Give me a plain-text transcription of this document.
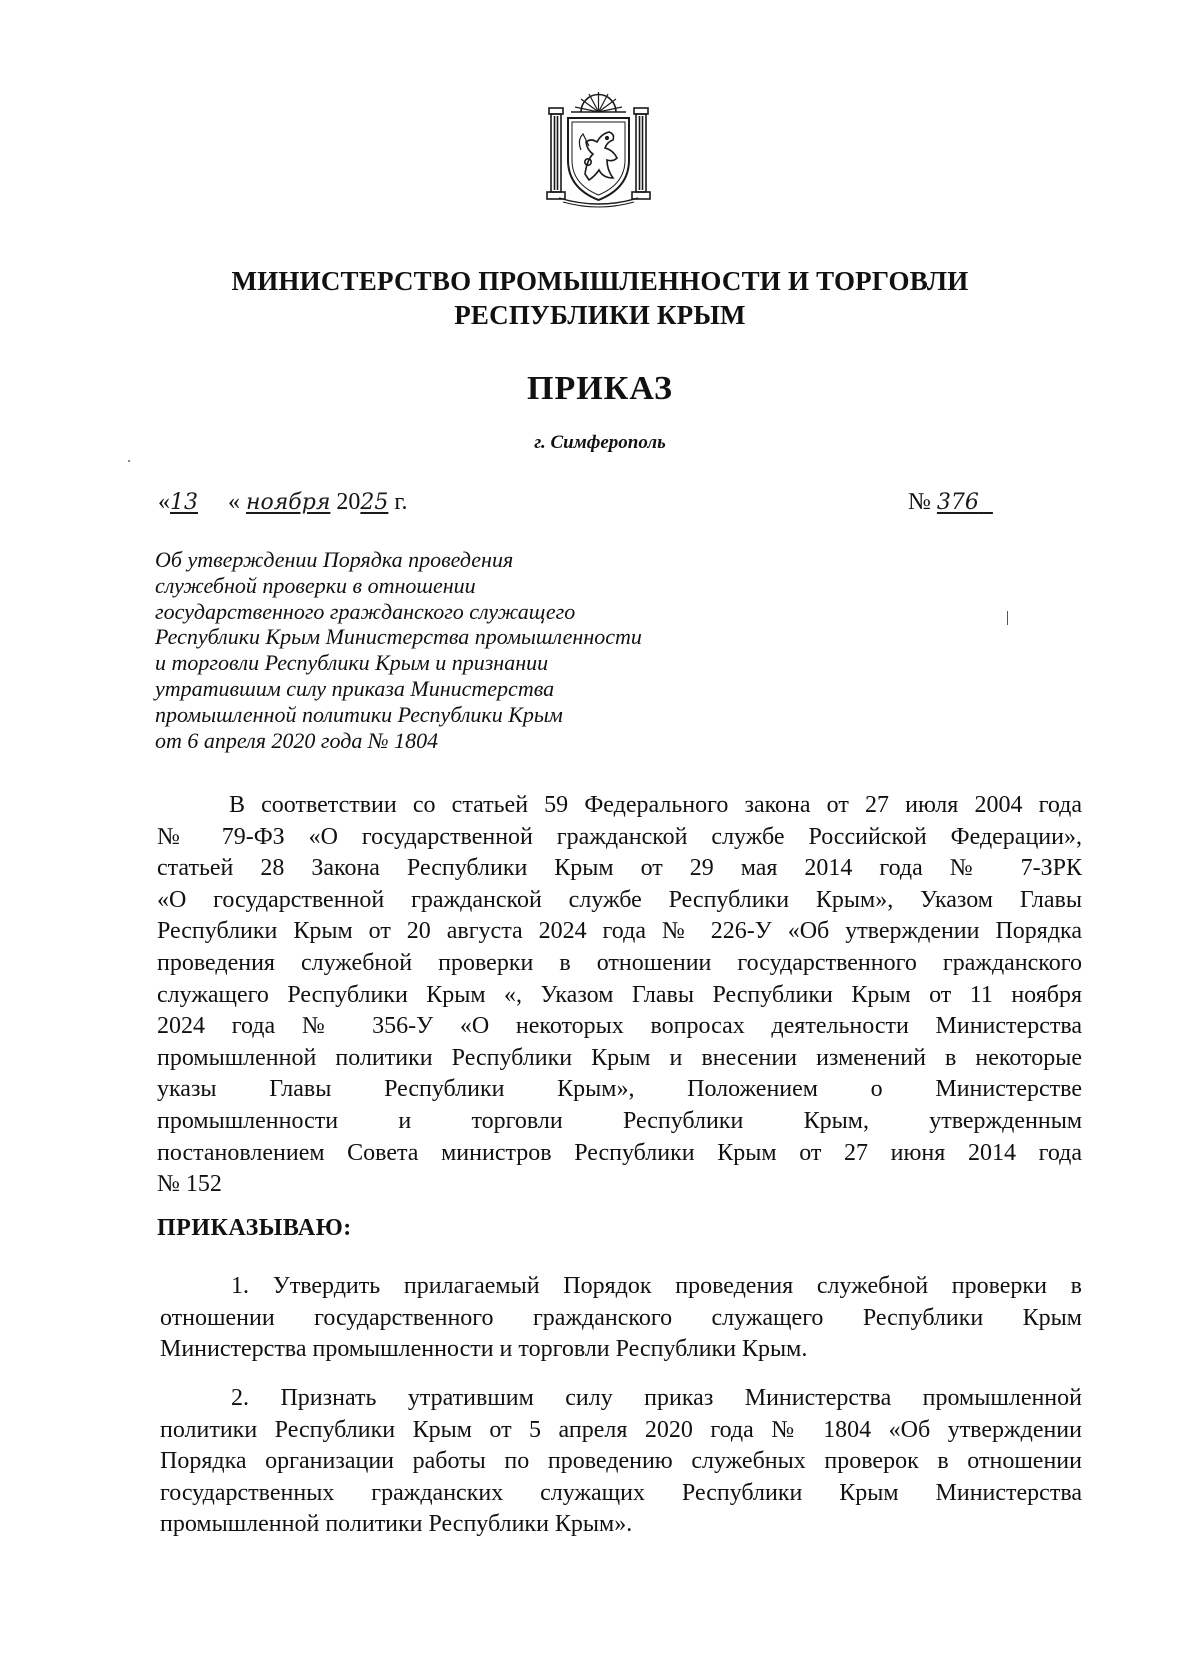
МИНИСТЕРСТВО ПРОМЫШЛЕННОСТИ И ТОРГОВЛИ
РЕСПУБЛИКИ КРЫМ
ПРИКАЗ
г. Симферополь
«13 « ноября 2025 г.	№ 376
Об утверждении Порядка проведения
служебной проверки в отношении
государственного гражданского служащего
Республики Крым Министерства промышленности
и торговли Республики Крым и признании
утратившим силу приказа Министерства
промышленной политики Республики Крым
от 6 апреля 2020 года № 1804
В соответствии со статьей 59 Федерального закона от 27 июля 2004 года
№ 79-ФЗ «О государственной гражданской службе Российской Федерации»,
статьей 28 Закона Республики Крым от 29 мая 2014 года № 7-ЗРК
«О государственной гражданской службе Республики Крым», Указом Главы
Республики Крым от 20 августа 2024 года № 226-У «Об утверждении Порядка
проведения служебной проверки в отношении государственного гражданского
служащего Республики Крым «, Указом Главы Республики Крым от 11 ноября
2024 года № 356-У «О некоторых вопросах деятельности Министерства
промышленной политики Республики Крым и внесении изменений в некоторые
указы Главы Республики Крым», Положением о Министерстве
промышленности и торговли Республики Крым, утвержденным
постановлением Совета министров Республики Крым от 27 июня 2014 года
№ 152
ПРИКАЗЫВАЮ:
1. Утвердить прилагаемый Порядок проведения служебной проверки в
отношении государственного гражданского служащего Республики Крым
Министерства промышленности и торговли Республики Крым.
2. Признать утратившим силу приказ Министерства промышленной
политики Республики Крым от 5 апреля 2020 года № 1804 «Об утверждении
Порядка организации работы по проведению служебных проверок в отношении
государственных гражданских служащих Республики Крым Министерства
промышленной политики Республики Крым».
